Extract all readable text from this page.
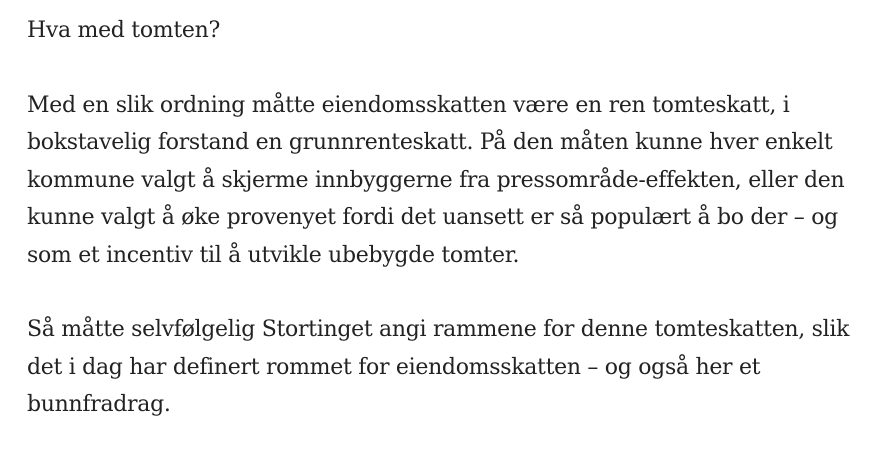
Hva med tomten?

Med en slik ordning måtte eiendomsskatten være en ren tomteskatt, i bokstavelig forstand en grunnrenteskatt. På den måten kunne hver enkelt kommune valgt å skjerme innbyggerne fra pressområde-effekten, eller den kunne valgt å øke provenyet fordi det uansett er så populært å bo der – og som et incentiv til å utvikle ubebygde tomter.

Så måtte selvfølgelig Stortinget angi rammene for denne tomteskatten, slik det i dag har definert rommet for eiendomsskatten – og også her et bunnfradrag.
